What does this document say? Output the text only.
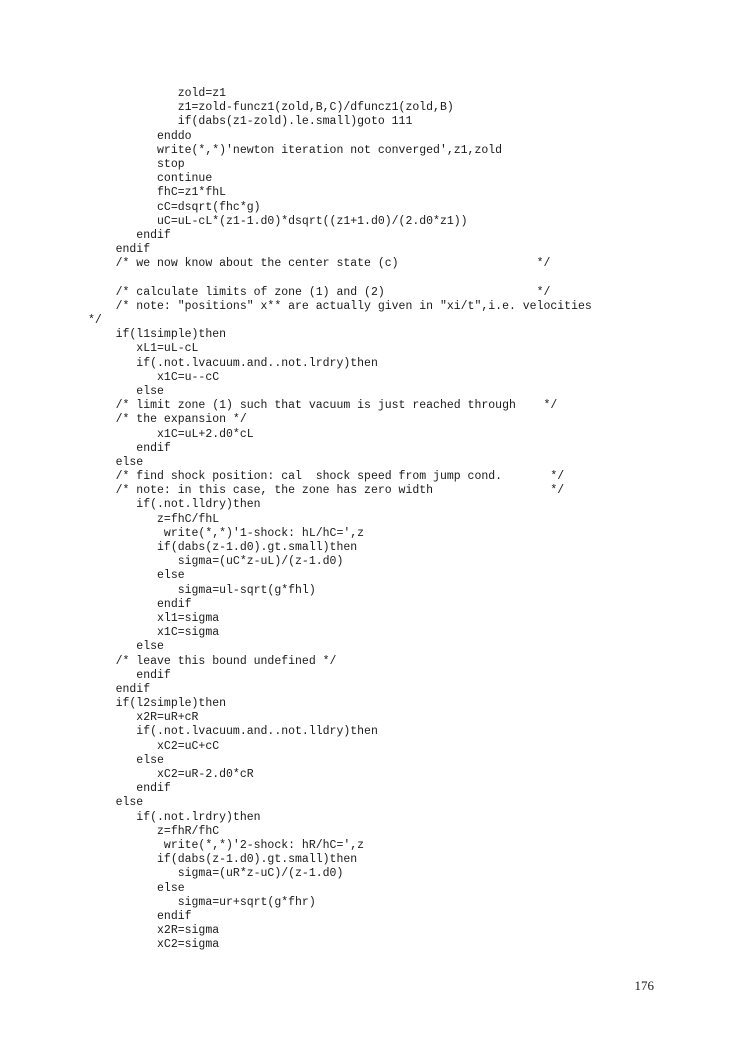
zold=z1
z1=zold-funcz1(zold,B,C)/dfuncz1(zold,B)
if(dabs(z1-zold).le.small)goto 111
enddo
write(*,*)'newton iteration not converged',z1,zold
stop
continue
fhC=z1*fhL
cC=dsqrt(fhc*g)
uC=uL-cL*(z1-1.d0)*dsqrt((z1+1.d0)/(2.d0*z1))
endif
endif
/* we now know about the center state (c)                    */
/* calculate limits of zone (1) and (2)                      */
/* note: "positions" x** are actually given in "xi/t",i.e. velocities
*/
if(l1simple)then
xL1=uL-cL
if(.not.lvacuum.and..not.lrdry)then
x1C=u--cC
else
/* limit zone (1) such that vacuum is just reached through    */
/* the expansion */
x1C=uL+2.d0*cL
endif
else
/* find shock position: cal  shock speed from jump cond.       */
/* note: in this case, the zone has zero width                 */
if(.not.lldry)then
z=fhC/fhL
write(*,*)'1-shock: hL/hC=',z
if(dabs(z-1.d0).gt.small)then
sigma=(uC*z-uL)/(z-1.d0)
else
sigma=ul-sqrt(g*fhl)
endif
xl1=sigma
x1C=sigma
else
/* leave this bound undefined */
endif
endif
if(l2simple)then
x2R=uR+cR
if(.not.lvacuum.and..not.lldry)then
xC2=uC+cC
else
xC2=uR-2.d0*cR
endif
else
if(.not.lrdry)then
z=fhR/fhC
write(*,*)'2-shock: hR/hC=',z
if(dabs(z-1.d0).gt.small)then
sigma=(uR*z-uC)/(z-1.d0)
else
sigma=ur+sqrt(g*fhr)
endif
x2R=sigma
xC2=sigma
176
